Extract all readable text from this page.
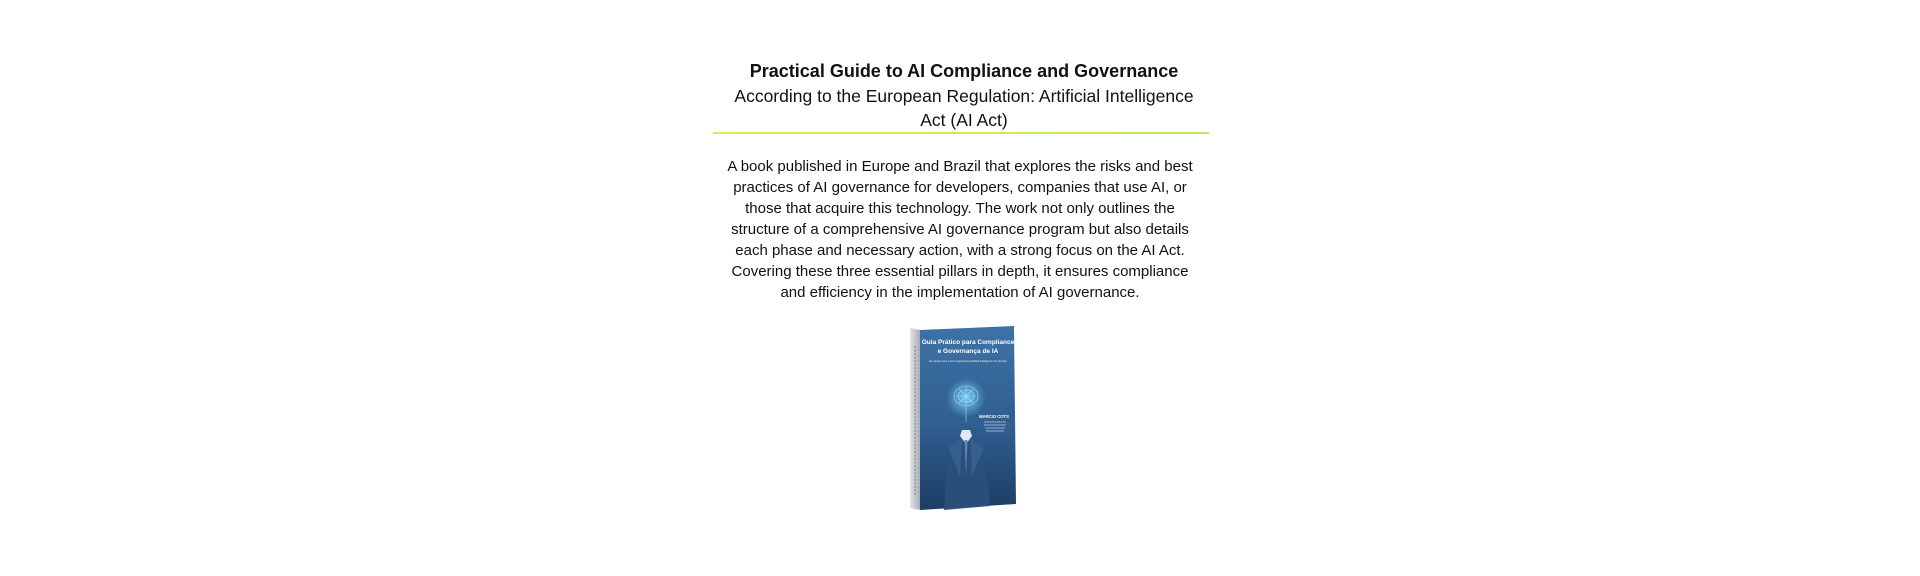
Practical Guide to AI Compliance and Governance
According to the European Regulation: Artificial Intelligence Act (AI Act)

A book published in Europe and Brazil that explores the risks and best practices of AI governance for developers, companies that use AI, or those that acquire this technology. The work not only outlines the structure of a comprehensive AI governance program but also details each phase and necessary action, with a strong focus on the AI Act. Covering these three essential pillars in depth, it ensures compliance and efficiency in the implementation of AI governance.

Guia Prático para Compliance
e Governança de IA
De acordo com o novo regramento Artificial Intelligence Act (AI Act)
MARCIO COTS
